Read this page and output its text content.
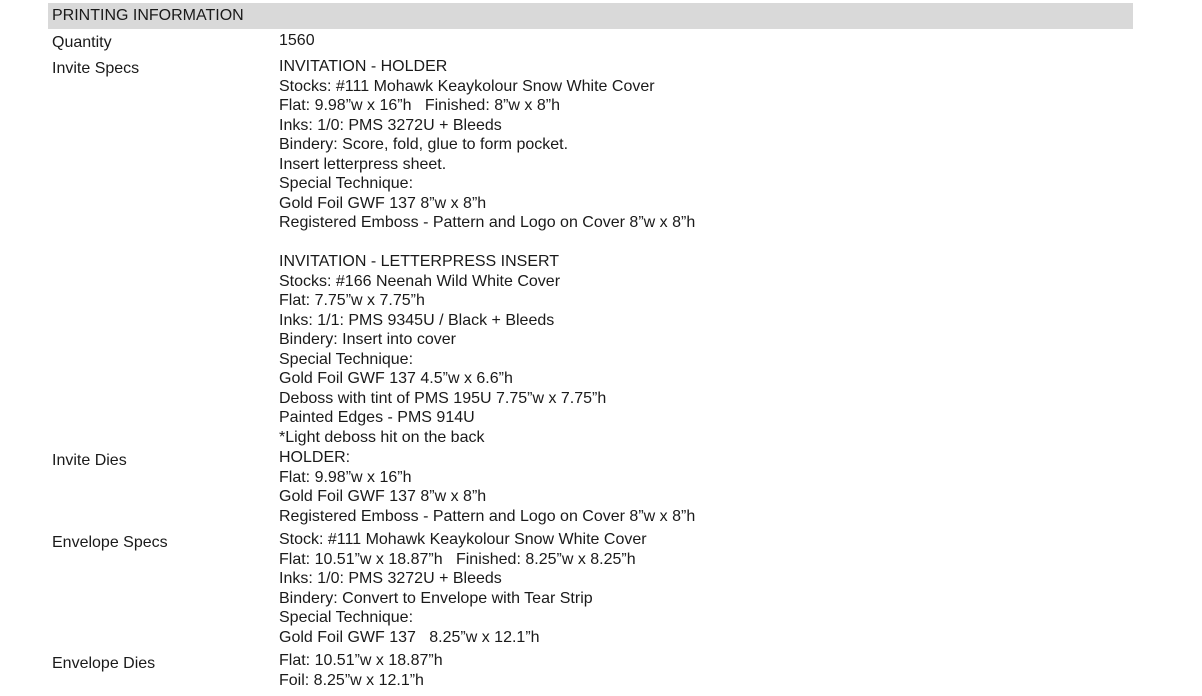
PRINTING INFORMATION
Quantity	1560
Invite Specs	INVITATION - HOLDER
Stocks: #111 Mohawk Keaykolour Snow White Cover
Flat: 9.98”w x 16”h   Finished: 8”w x 8”h
Inks: 1/0: PMS 3272U + Bleeds
Bindery: Score, fold, glue to form pocket.
Insert letterpress sheet.
Special Technique:
Gold Foil GWF 137 8”w x 8”h
Registered Emboss - Pattern and Logo on Cover 8”w x 8”h
INVITATION - LETTERPRESS INSERT
Stocks: #166 Neenah Wild White Cover
Flat: 7.75”w x 7.75”h
Inks: 1/1: PMS 9345U / Black + Bleeds
Bindery: Insert into cover
Special Technique:
Gold Foil GWF 137 4.5”w x 6.6”h
Deboss with tint of PMS 195U 7.75”w x 7.75”h
Painted Edges - PMS 914U
*Light deboss hit on the back
Invite Dies	HOLDER:
Flat: 9.98”w x 16”h
Gold Foil GWF 137 8”w x 8”h
Registered Emboss - Pattern and Logo on Cover 8”w x 8”h
Envelope Specs	Stock: #111 Mohawk Keaykolour Snow White Cover
Flat: 10.51”w x 18.87”h   Finished: 8.25”w x 8.25”h
Inks: 1/0: PMS 3272U + Bleeds
Bindery: Convert to Envelope with Tear Strip
Special Technique:
Gold Foil GWF 137   8.25”w x 12.1”h
Envelope Dies	Flat: 10.51”w x 18.87”h
Foil: 8.25”w x 12.1”h
